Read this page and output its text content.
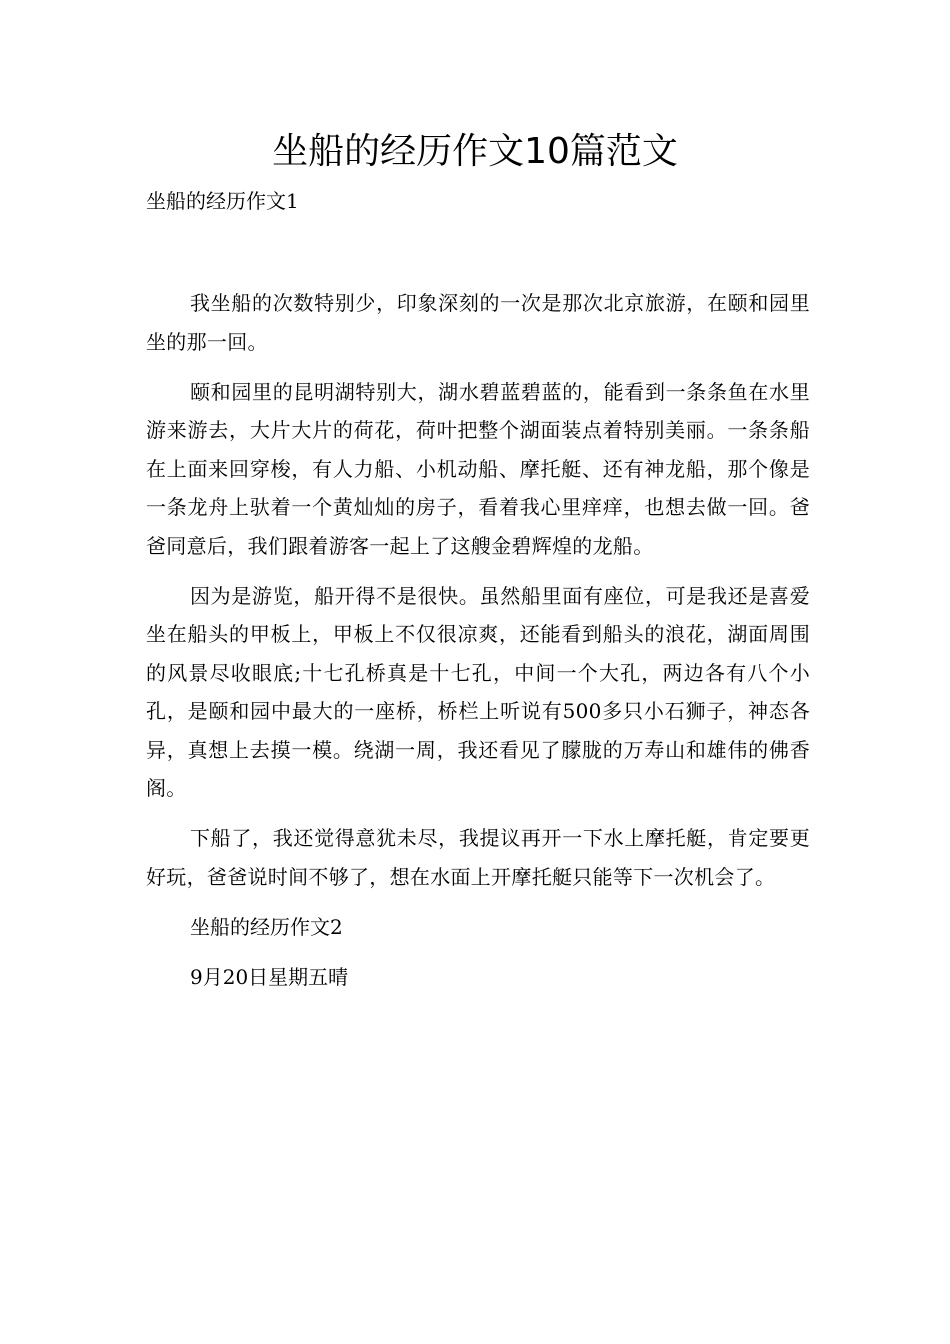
坐船的经历作文10篇范文

坐船的经历作文1

我坐船的次数特别少，印象深刻的一次是那次北京旅游，在颐和园里坐的那一回。

颐和园里的昆明湖特别大，湖水碧蓝碧蓝的，能看到一条条鱼在水里游来游去，大片大片的荷花，荷叶把整个湖面装点着特别美丽。一条条船在上面来回穿梭，有人力船、小机动船、摩托艇、还有神龙船，那个像是一条龙舟上驮着一个黄灿灿的房子，看着我心里痒痒，也想去做一回。爸爸同意后，我们跟着游客一起上了这艘金碧辉煌的龙船。

因为是游览，船开得不是很快。虽然船里面有座位，可是我还是喜爱坐在船头的甲板上，甲板上不仅很凉爽，还能看到船头的浪花，湖面周围的风景尽收眼底;十七孔桥真是十七孔，中间一个大孔，两边各有八个小孔，是颐和园中最大的一座桥，桥栏上听说有500多只小石狮子，神态各异，真想上去摸一模。绕湖一周，我还看见了朦胧的万寿山和雄伟的佛香阁。

下船了，我还觉得意犹未尽，我提议再开一下水上摩托艇，肯定要更好玩，爸爸说时间不够了，想在水面上开摩托艇只能等下一次机会了。

坐船的经历作文2

9月20日星期五晴
